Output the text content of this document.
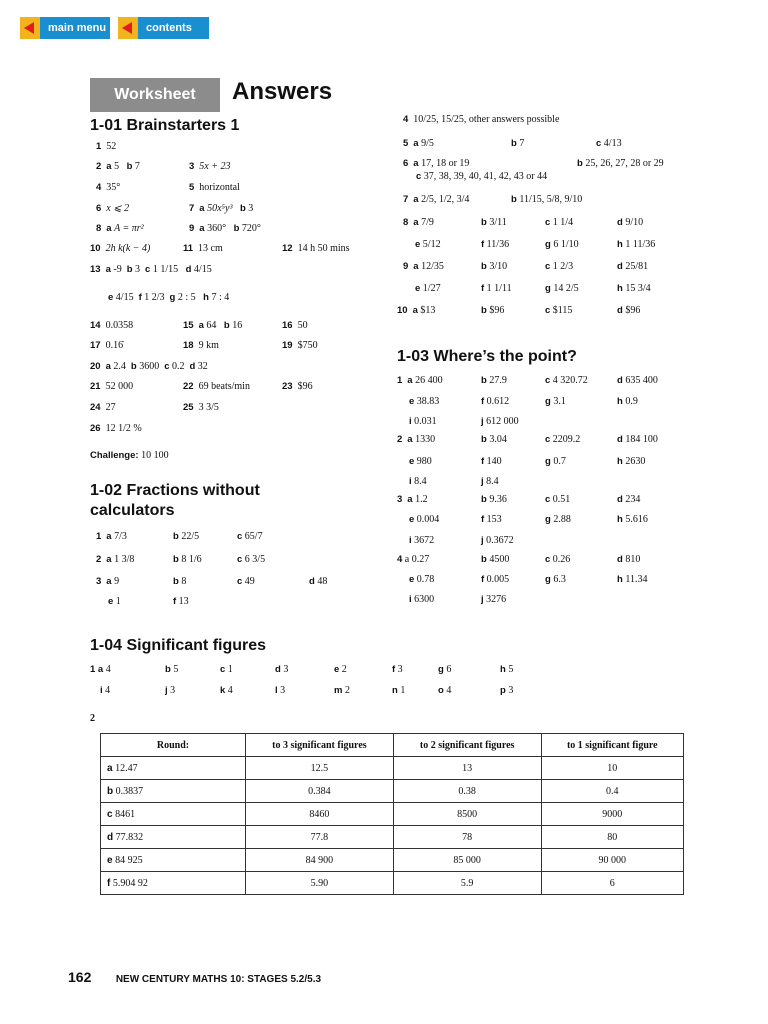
main menu	contents
Worksheet	Answers
1-01 Brainstarters 1
1 52
2 a 5 b 7	3 5x + 23
4 35°	5 horizontal
6 x ⩽ 2	7 a 50x⁵y³ b 3
8 a A = πr²	9 a 360° b 720°
10 2h k(k − 4)	11 13 cm	12 14 h 50 mins
13 a -9 b 3 c 1 1/15 d 4/15
e 4/15 f 1 2/3 g 2 : 5 h 7 : 4
14 0.0358	15 a 64 b 16	16 50
17 0.16̇	18 9 km	19 $750
20 a 2.4 b 3600 c 0.2 d 32
21 52 000	22 69 beats/min	23 $96
24 27	25 3 3/5
26 12 1/2 %
Challenge: 10 100
1-02 Fractions without
calculators
1 a 7/3	b 22/5	c 65/7
2 a 1 3/8	b 8 1/6	c 6 3/5
3 a 9	b 8	c 49	d 48
e 1	f 13
4 10/25, 15/25, other answers possible
5 a 9/5	b 7	c 4/13
6 a 17, 18 or 19	b 25, 26, 27, 28 or 29
c 37, 38, 39, 40, 41, 42, 43 or 44
7 a 2/5, 1/2, 3/4	b 11/15, 5/8, 9/10
8 a 7/9	b 3/11	c 1 1/4	d 9/10
e 5/12	f 11/36	g 6 1/10	h 1 11/36
9 a 12/35	b 3/10	c 1 2/3	d 25/81
e 1/27	f 1 1/11	g 14 2/5	h 15 3/4
10 a $13	b $96	c $115	d $96
1-03 Where’s the point?
1 a 26 400	b 27.9	c 4 320.72	d 635 400
e 38.83	f 0.612	g 3.1	h 0.9
i 0.031	j 612 000
2 a 1330	b 3.04	c 2209.2	d 184 100
e 980	f 140	g 0.7	h 2630
i 8.4	j 8.4
3 a 1.2	b 9.36	c 0.51	d 234
e 0.004	f 153	g 2.88	h 5.616
i 3672	j 0.3672
4 a 0.27	b 4500	c 0.26	d 810
e 0.78	f 0.005	g 6.3	h 11.34
i 6300	j 3276
1-04 Significant figures
1 a 4	b 5	c 1	d 3	e 2	f 3	g 6	h 5
i 4	j 3	k 4	l 3	m 2	n 1	o 4	p 3
2
Round:	to 3 significant figures	to 2 significant figures	to 1 significant figure
a 12.47	12.5	13	10
b 0.3837	0.384	0.38	0.4
c 8461	8460	8500	9000
d 77.832	77.8	78	80
e 84 925	84 900	85 000	90 000
f 5.904 92	5.90	5.9	6
162 NEW CENTURY MATHS 10: STAGES 5.2/5.3
